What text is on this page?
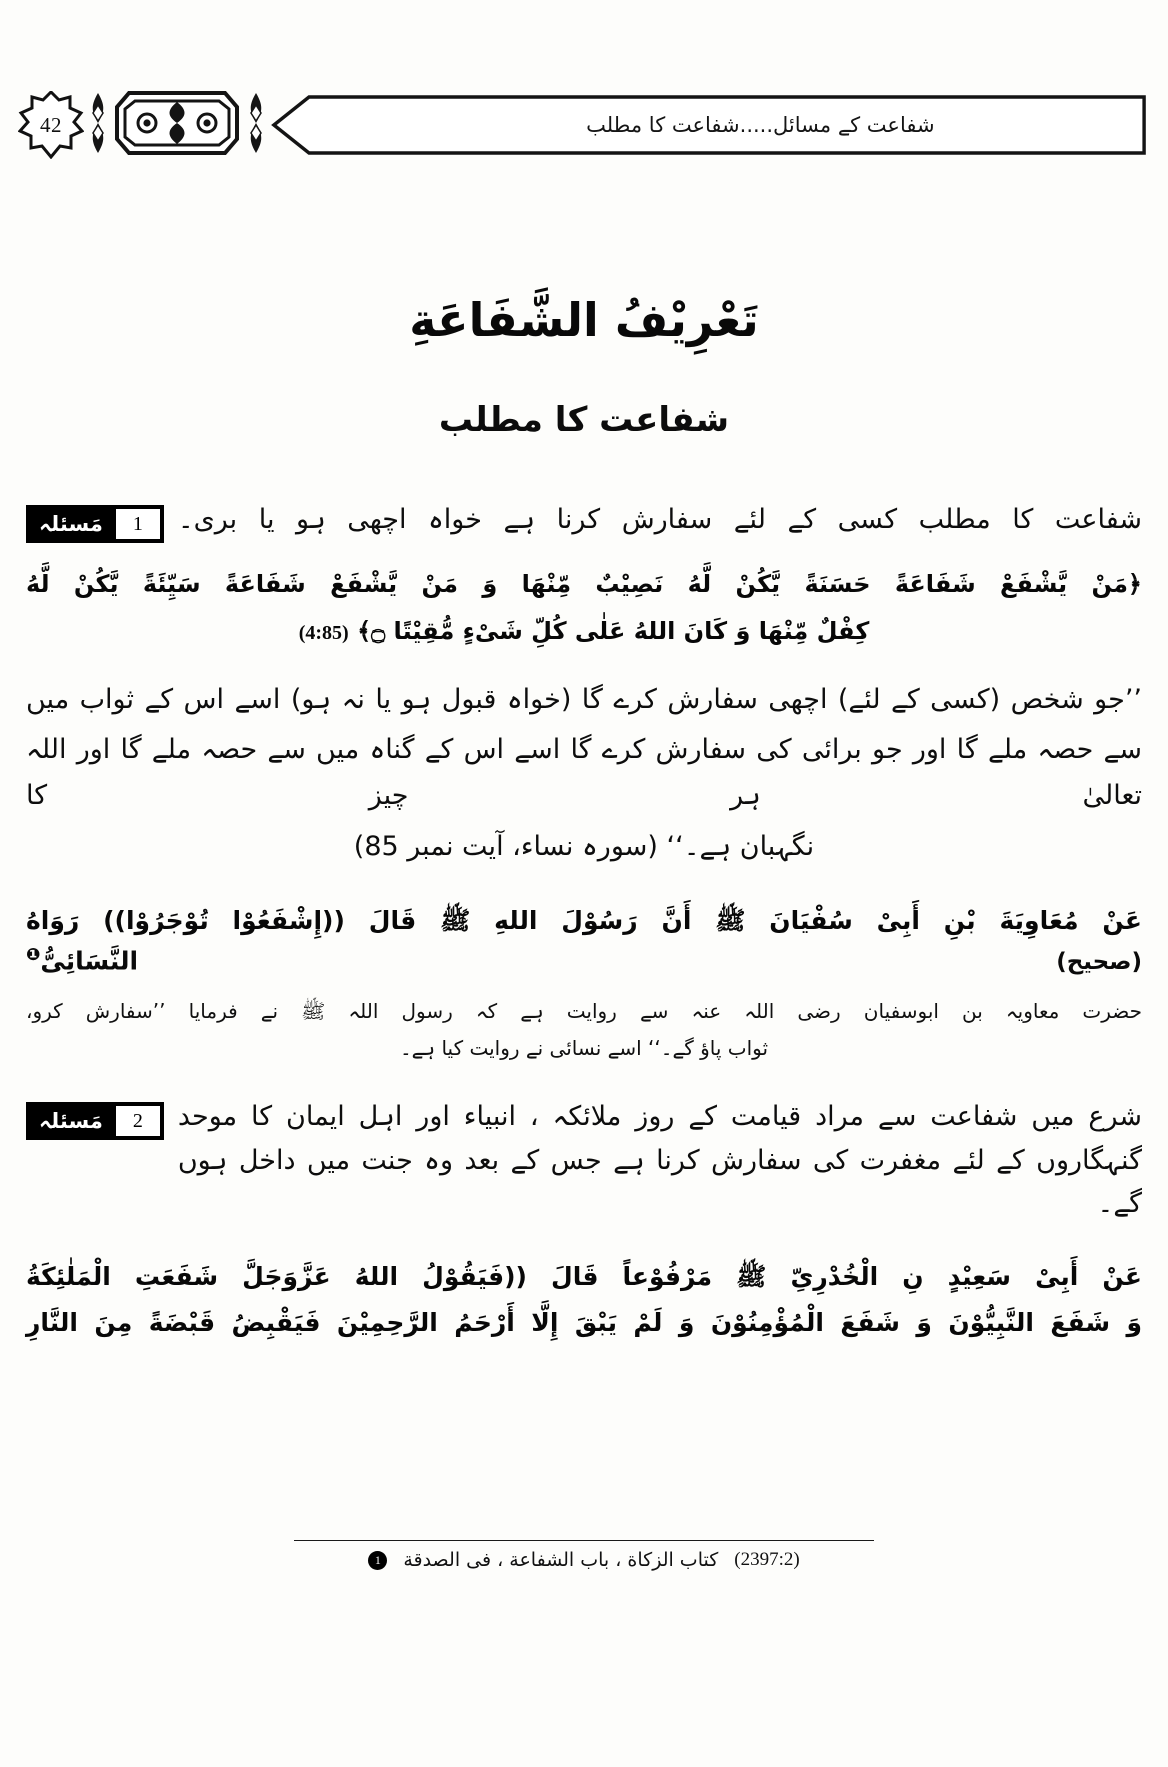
42	شفاعت کے مسائل.....شفاعت کا مطلب
تَعْرِيْفُ الشَّفَاعَةِ
شفاعت کا مطلب
مَسئلہ	1	شفاعت کا مطلب کسی کے لئے سفارش کرنا ہے خواہ اچھی ہو یا بری۔
﴿مَنْ يَّشْفَعْ شَفَاعَةً حَسَنَةً يَّكُنْ لَّهُ نَصِيْبٌ مِّنْهَا وَ مَنْ يَّشْفَعْ شَفَاعَةً سَيِّئَةً يَّكُنْ لَّهُ
كِفْلٌ مِّنْهَا وَ كَانَ اللهُ عَلٰى كُلِّ شَىْءٍ مُّقِيْتًا ۝﴾ (4:85)
’’جو شخص (کسی کے لئے) اچھی سفارش کرے گا (خواہ قبول ہو یا نہ ہو) اسے اس کے ثواب میں
سے حصہ ملے گا اور جو برائی کی سفارش کرے گا اسے اس کے گناہ میں سے حصہ ملے گا اور اللہ تعالیٰ ہر چیز کا
نگہبان ہے۔‘‘ (سورہ نساء، آیت نمبر 85)
عَنْ مُعَاوِيَةَ بْنِ أَبِىْ سُفْيَانَ ﷺ أَنَّ رَسُوْلَ اللهِ ﷺ قَالَ ((إِشْفَعُوْا تُوْجَرُوْا)) رَوَاهُ
النَّسَائِىُّ$^❶$	(صحیح)
حضرت معاویہ بن ابوسفیان رضی اللہ عنہ سے روایت ہے کہ رسول اللہ ﷺ نے فرمایا ’’سفارش کرو،
ثواب پاؤ گے۔‘‘ اسے نسائی نے روایت کیا ہے۔
مَسئلہ	2	شرع میں شفاعت سے مراد قیامت کے روز ملائکہ ، انبیاء اور اہل ایمان کا موحد گنہگاروں کے لئے مغفرت کی سفارش کرنا ہے جس کے بعد وہ جنت میں داخل ہوں گے۔
عَنْ أَبِىْ سَعِيْدٍ نِ الْخُدْرِىِّ ﷺ مَرْفُوْعاً قَالَ ((فَيَقُوْلُ اللهُ عَزَّوَجَلَّ شَفَعَتِ الْمَلٰئِكَةُ
وَ شَفَعَ النَّبِيُّوْنَ وَ شَفَعَ الْمُؤْمِنُوْنَ وَ لَمْ يَبْقَ إِلَّا أَرْحَمُ الرَّحِمِيْنَ فَيَقْبِضُ قَبْضَةً مِنَ النَّارِ
1	كتاب الزكاة ، باب الشفاعة ، فى الصدقة (2397:2)
